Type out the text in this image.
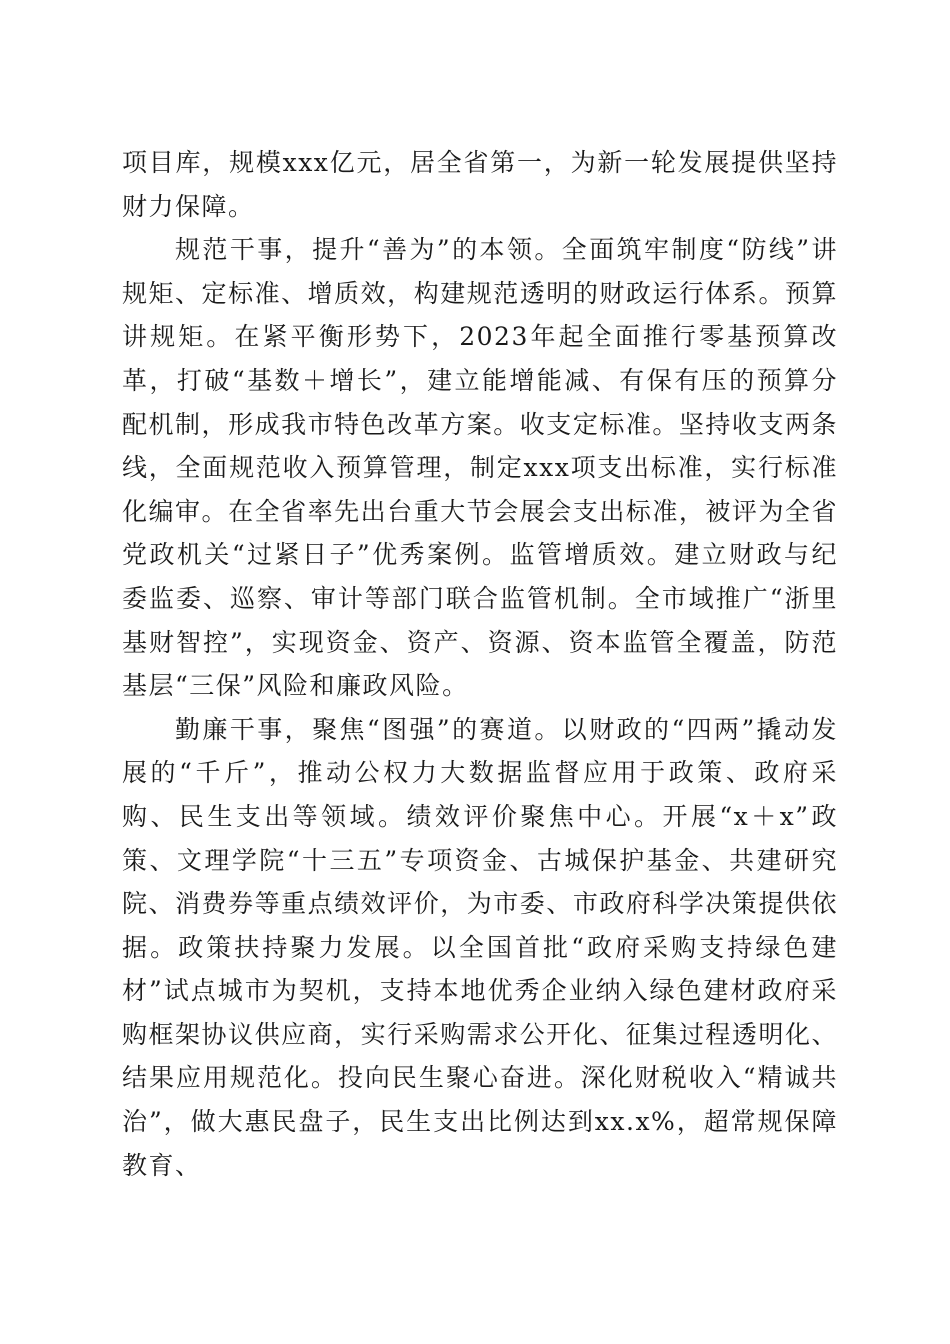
项目库，规模xxx亿元，居全省第一，为新一轮发展提供坚持财力保障。

规范干事，提升“善为”的本领。全面筑牢制度“防线”讲规矩、定标准、增质效，构建规范透明的财政运行体系。预算讲规矩。在紧平衡形势下，2023年起全面推行零基预算改革，打破“基数＋增长”，建立能增能减、有保有压的预算分配机制，形成我市特色改革方案。收支定标准。坚持收支两条线，全面规范收入预算管理，制定xxx项支出标准，实行标准化编审。在全省率先出台重大节会展会支出标准，被评为全省党政机关“过紧日子”优秀案例。监管增质效。建立财政与纪委监委、巡察、审计等部门联合监管机制。全市域推广“浙里基财智控”，实现资金、资产、资源、资本监管全覆盖，防范基层“三保”风险和廉政风险。

勤廉干事，聚焦“图强”的赛道。以财政的“四两”撬动发展的“千斤”，推动公权力大数据监督应用于政策、政府采购、民生支出等领域。绩效评价聚焦中心。开展“x＋x”政策、文理学院“十三五”专项资金、古城保护基金、共建研究院、消费券等重点绩效评价，为市委、市政府科学决策提供依据。政策扶持聚力发展。以全国首批“政府采购支持绿色建材”试点城市为契机，支持本地优秀企业纳入绿色建材政府采购框架协议供应商，实行采购需求公开化、征集过程透明化、结果应用规范化。投向民生聚心奋进。深化财税收入“精诚共治”，做大惠民盘子，民生支出比例达到xx.x%，超常规保障教育、
